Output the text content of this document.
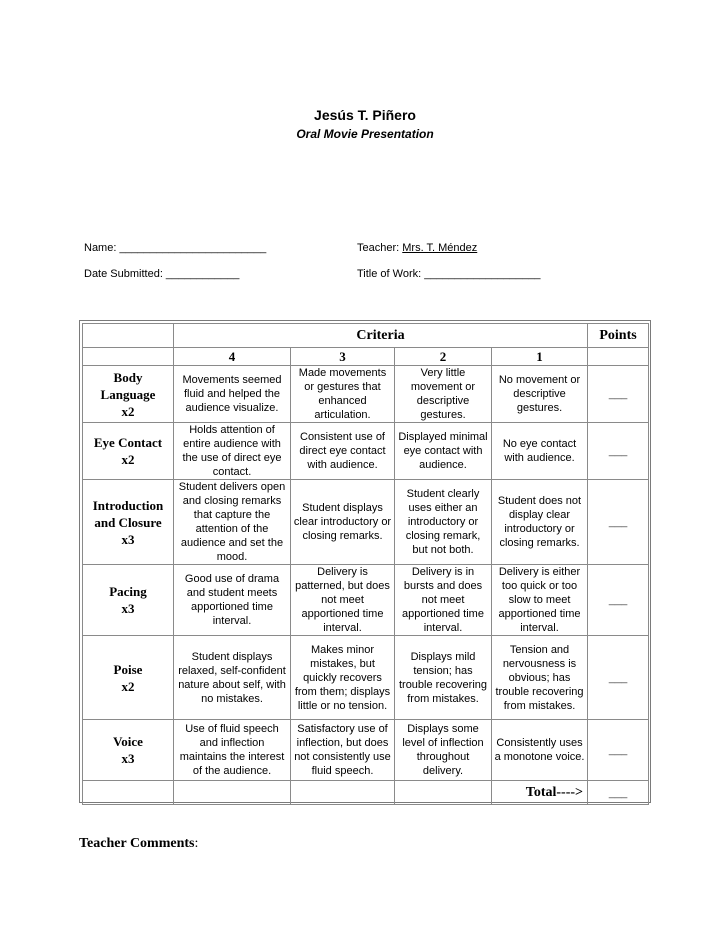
Jesús T. Piñero
Oral Movie Presentation
Name: ________________________	Teacher: Mrs. T. Méndez
Date Submitted: ____________	Title of Work: ___________________
	Criteria				Points
	4	3	2	1	

Body
Language
x2	Movements seemed fluid and helped the audience visualize.	Made movements or gestures that enhanced articulation.	Very little movement or descriptive gestures.	No movement or descriptive gestures.	___

Eye Contact
x2	Holds attention of entire audience with the use of direct eye contact.	Consistent use of direct eye contact with audience.	Displayed minimal eye contact with audience.	No eye contact with audience.	___

Introduction
and Closure
x3	Student delivers open and closing remarks that capture the attention of the audience and set the mood.	Student displays clear introductory or closing remarks.	Student clearly uses either an introductory or closing remark, but not both.	Student does not display clear introductory or closing remarks.	___

Pacing
x3	Good use of drama and student meets apportioned time interval.	Delivery is patterned, but does not meet apportioned time interval.	Delivery is in bursts and does not meet apportioned time interval.	Delivery is either too quick or too slow to meet apportioned time interval.	___

Poise
x2	Student displays relaxed, self-confident nature about self, with no mistakes.	Makes minor mistakes, but quickly recovers from them; displays little or no tension.	Displays mild tension; has trouble recovering from mistakes.	Tension and nervousness is obvious; has trouble recovering from mistakes.	___

Voice
x3	Use of fluid speech and inflection maintains the interest of the audience.	Satisfactory use of inflection, but does not consistently use fluid speech.	Displays some level of inflection throughout delivery.	Consistently uses a monotone voice.	___
				Total---->	___
Teacher Comments:
